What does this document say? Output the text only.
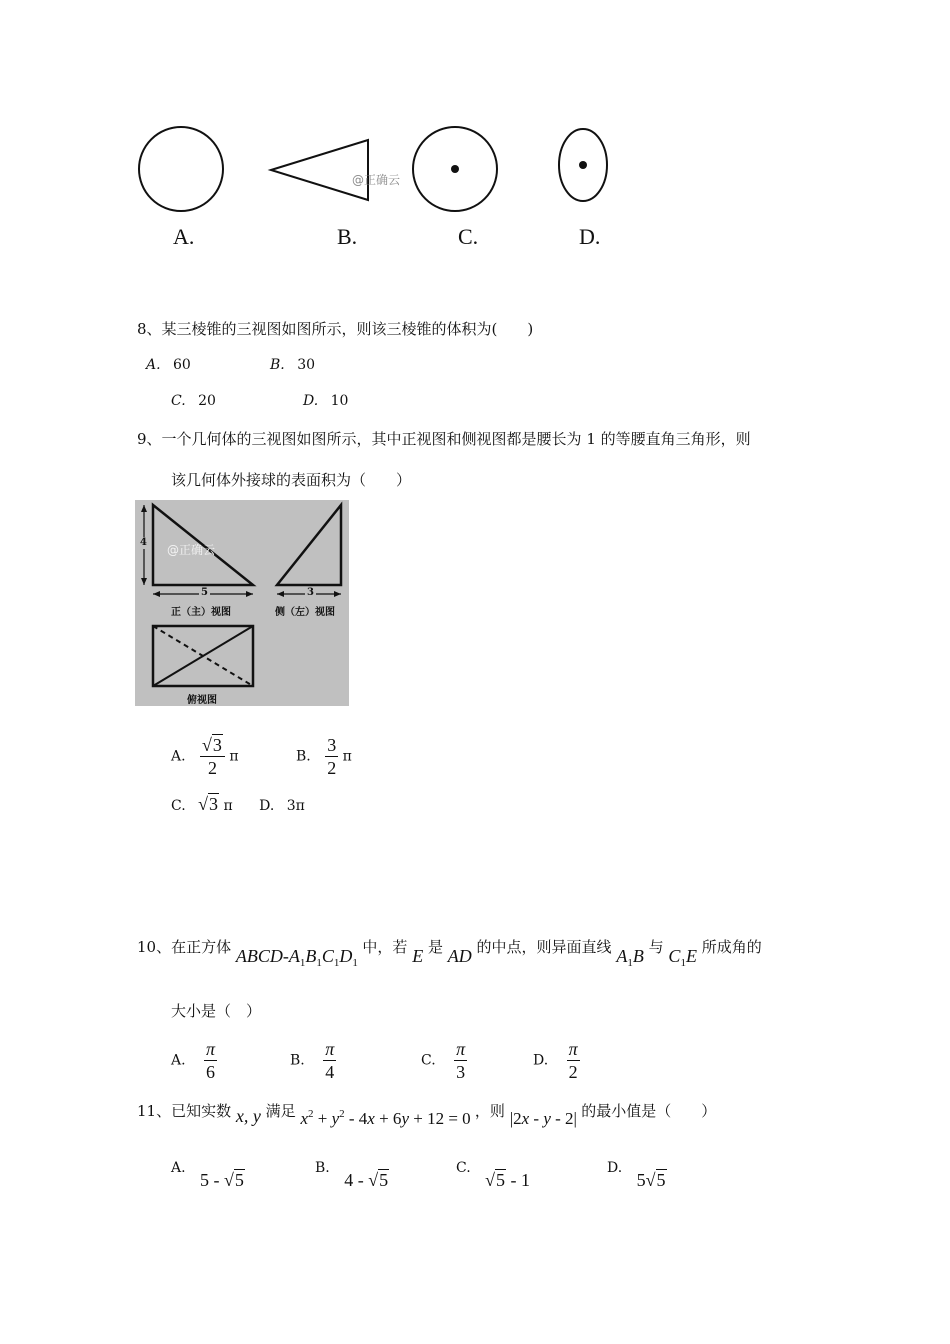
@正确云
A.	B.	C.	D.
8、某三棱锥的三视图如图所示，则该三棱锥的体积为(　　)
A. 60	B. 30
C. 20	D. 10
9、一个几何体的三视图如图所示，其中正视图和侧视图都是腰长为 1 的等腰直角三角形，则
该几何体外接球的表面积为（　　）
4
5	3
正（主）视图	侧（左）视图
俯视图
@正确云
A. $\frac{√3}{2}$ π	B. $\frac{3}{2}$ π
C. √3 π D. 3π
10、在正方体 ABCD-$A_1B_1C_1D_1$ 中，若 E 是 AD 的中点，则异面直线 $A_1B$ 与 $C_1E$ 所成角的
大小是（　）
A. $\frac{\pi}{6}$	B. $\frac{\pi}{4}$	C. $\frac{\pi}{3}$	D. $\frac{\pi}{2}$
11、已知实数 x, y 满足 $x^2 + y^2 - 4x + 6y + 12 = 0$ ，则 |2x - y - 2| 的最小值是（　　）
A. 5 - √5
B. 4 - √5
C. √5 - 1
D. 5√5
